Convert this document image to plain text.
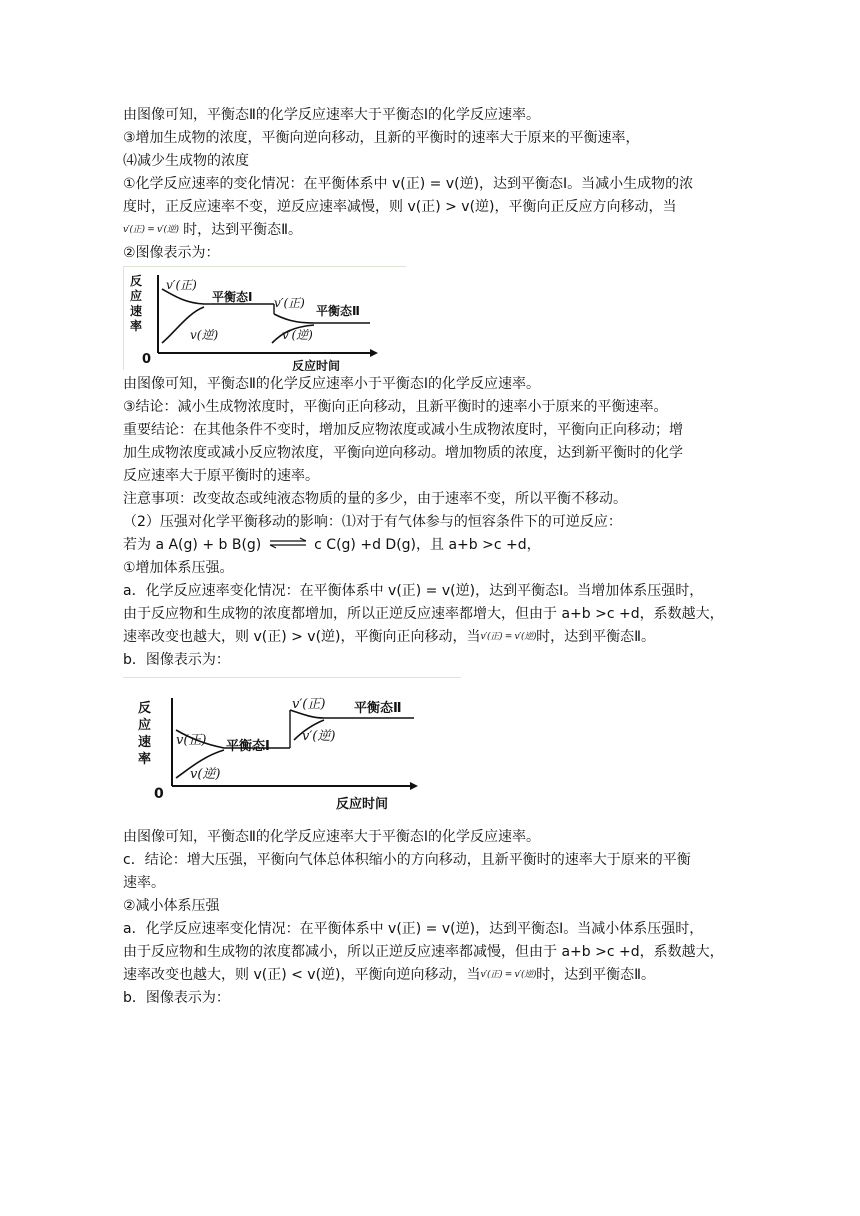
由图像可知，平衡态Ⅱ的化学反应速率大于平衡态Ⅰ的化学反应速率。
③增加生成物的浓度，平衡向逆向移动，且新的平衡时的速率大于原来的平衡速率，
⑷减少生成物的浓度
①化学反应速率的变化情况：在平衡体系中 v(正) = v(逆)，达到平衡态Ⅰ。当减小生成物的浓
度时，正反应速率不变，逆反应速率减慢，则 v(正) > v(逆)，平衡向正反应方向移动，当
v′(正) = v′(逆) 时，达到平衡态Ⅱ。
②图像表示为：
反
应
速
率
0	反应时间
v′(正)
v(逆)
平衡态Ⅰ v′(正)
平衡态Ⅱ
v′(逆)
由图像可知，平衡态Ⅱ的化学反应速率小于平衡态Ⅰ的化学反应速率。
③结论：减小生成物浓度时，平衡向正向移动，且新平衡时的速率小于原来的平衡速率。
重要结论：在其他条件不变时，增加反应物浓度或减小生成物浓度时，平衡向正向移动；增
加生成物浓度或减小反应物浓度，平衡向逆向移动。增加物质的浓度，达到新平衡时的化学
反应速率大于原平衡时的速率。
注意事项：改变故态或纯液态物质的量的多少，由于速率不变，所以平衡不移动。
（2）压强对化学平衡移动的影响：⑴对于有气体参与的恒容条件下的可逆反应：
若为 a A(g) + b B(g) ⇌ c C(g) +d D(g)，且 a+b >c +d，
①增加体系压强。
a．化学反应速率变化情况：在平衡体系中 v(正) = v(逆)，达到平衡态Ⅰ。当增加体系压强时，
由于反应物和生成物的浓度都增加，所以正逆反应速率都增大，但由于 a+b >c +d，系数越大，
速率改变也越大，则 v(正) > v(逆)，平衡向正向移动，当v′(正) = v′(逆)时，达到平衡态Ⅱ。
b．图像表示为：
反
应
速
率
0
反应时间
v(正)
v(逆)
平衡态Ⅰ
v′(正) 平衡态Ⅱ
v′(逆)
由图像可知，平衡态Ⅱ的化学反应速率大于平衡态Ⅰ的化学反应速率。
c．结论：增大压强，平衡向气体总体积缩小的方向移动，且新平衡时的速率大于原来的平衡
速率。
②减小体系压强
a．化学反应速率变化情况：在平衡体系中 v(正) = v(逆)，达到平衡态Ⅰ。当减小体系压强时，
由于反应物和生成物的浓度都减小，所以正逆反应速率都减慢，但由于 a+b >c +d，系数越大，
速率改变也越大，则 v(正) < v(逆)，平衡向逆向移动，当v′(正) = v′(逆)时，达到平衡态Ⅱ。
b．图像表示为：
